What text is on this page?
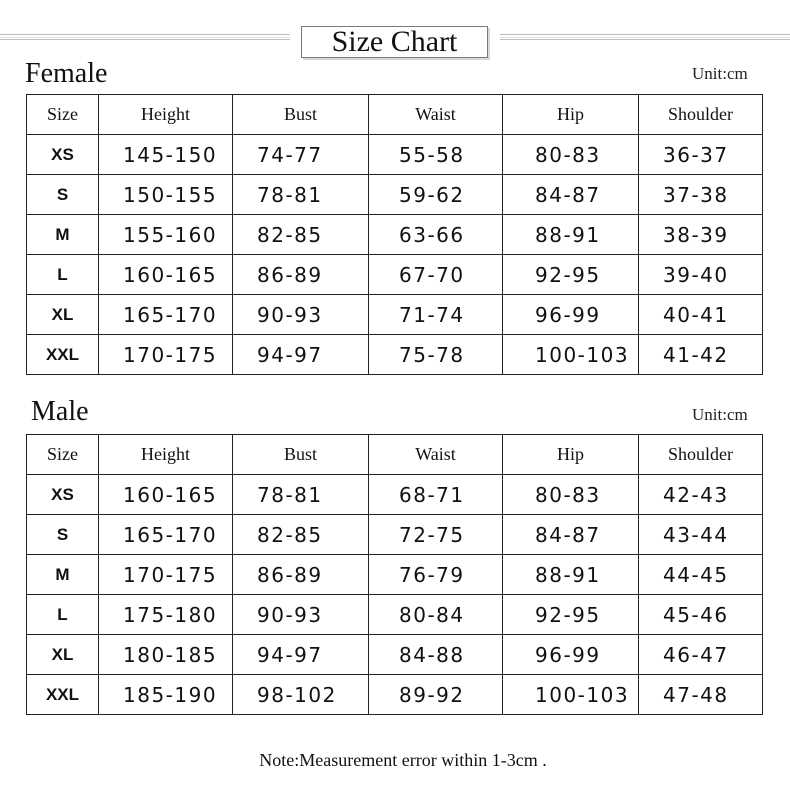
Size Chart
Female	Unit:cm
Size	Height	Bust	Waist	Hip	Shoulder
XS	145-150	74-77	55-58	80-83	36-37
S	150-155	78-81	59-62	84-87	37-38
M	155-160	82-85	63-66	88-91	38-39
L	160-165	86-89	67-70	92-95	39-40
XL	165-170	90-93	71-74	96-99	40-41
XXL	170-175	94-97	75-78	100-103	41-42
Male	Unit:cm
Size	Height	Bust	Waist	Hip	Shoulder
XS	160-165	78-81	68-71	80-83	42-43
S	165-170	82-85	72-75	84-87	43-44
M	170-175	86-89	76-79	88-91	44-45
L	175-180	90-93	80-84	92-95	45-46
XL	180-185	94-97	84-88	96-99	46-47
XXL	185-190	98-102	89-92	100-103	47-48
Note:Measurement error within 1-3cm .
